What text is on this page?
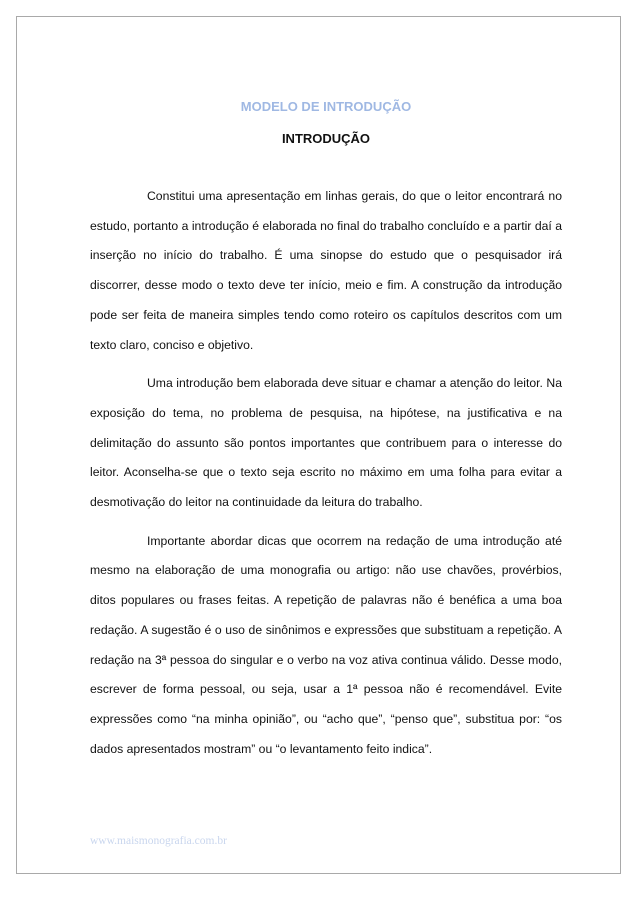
MODELO DE INTRODUÇÃO
INTRODUÇÃO

Constitui uma apresentação em linhas gerais, do que o leitor encontrará no estudo, portanto a introdução é elaborada no final do trabalho concluído e a partir daí a inserção no início do trabalho. É uma sinopse do estudo que o pesquisador irá discorrer, desse modo o texto deve ter início, meio e fim. A construção da introdução pode ser feita de maneira simples tendo como roteiro os capítulos descritos com um texto claro, conciso e objetivo.

Uma introdução bem elaborada deve situar e chamar a atenção do leitor. Na exposição do tema, no problema de pesquisa, na hipótese, na justificativa e na delimitação do assunto são pontos importantes que contribuem para o interesse do leitor. Aconselha-se que o texto seja escrito no máximo em uma folha para evitar a desmotivação do leitor na continuidade da leitura do trabalho.

Importante abordar dicas que ocorrem na redação de uma introdução até mesmo na elaboração de uma monografia ou artigo: não use chavões, provérbios, ditos populares ou frases feitas. A repetição de palavras não é benéfica a uma boa redação. A sugestão é o uso de sinônimos e expressões que substituam a repetição. A redação na 3ª pessoa do singular e o verbo na voz ativa continua válido. Desse modo, escrever de forma pessoal, ou seja, usar a 1ª pessoa não é recomendável. Evite expressões como “na minha opinião”, ou “acho que”, “penso que”, substitua por: “os dados apresentados mostram” ou “o levantamento feito indica”.

www.maismonografia.com.br
